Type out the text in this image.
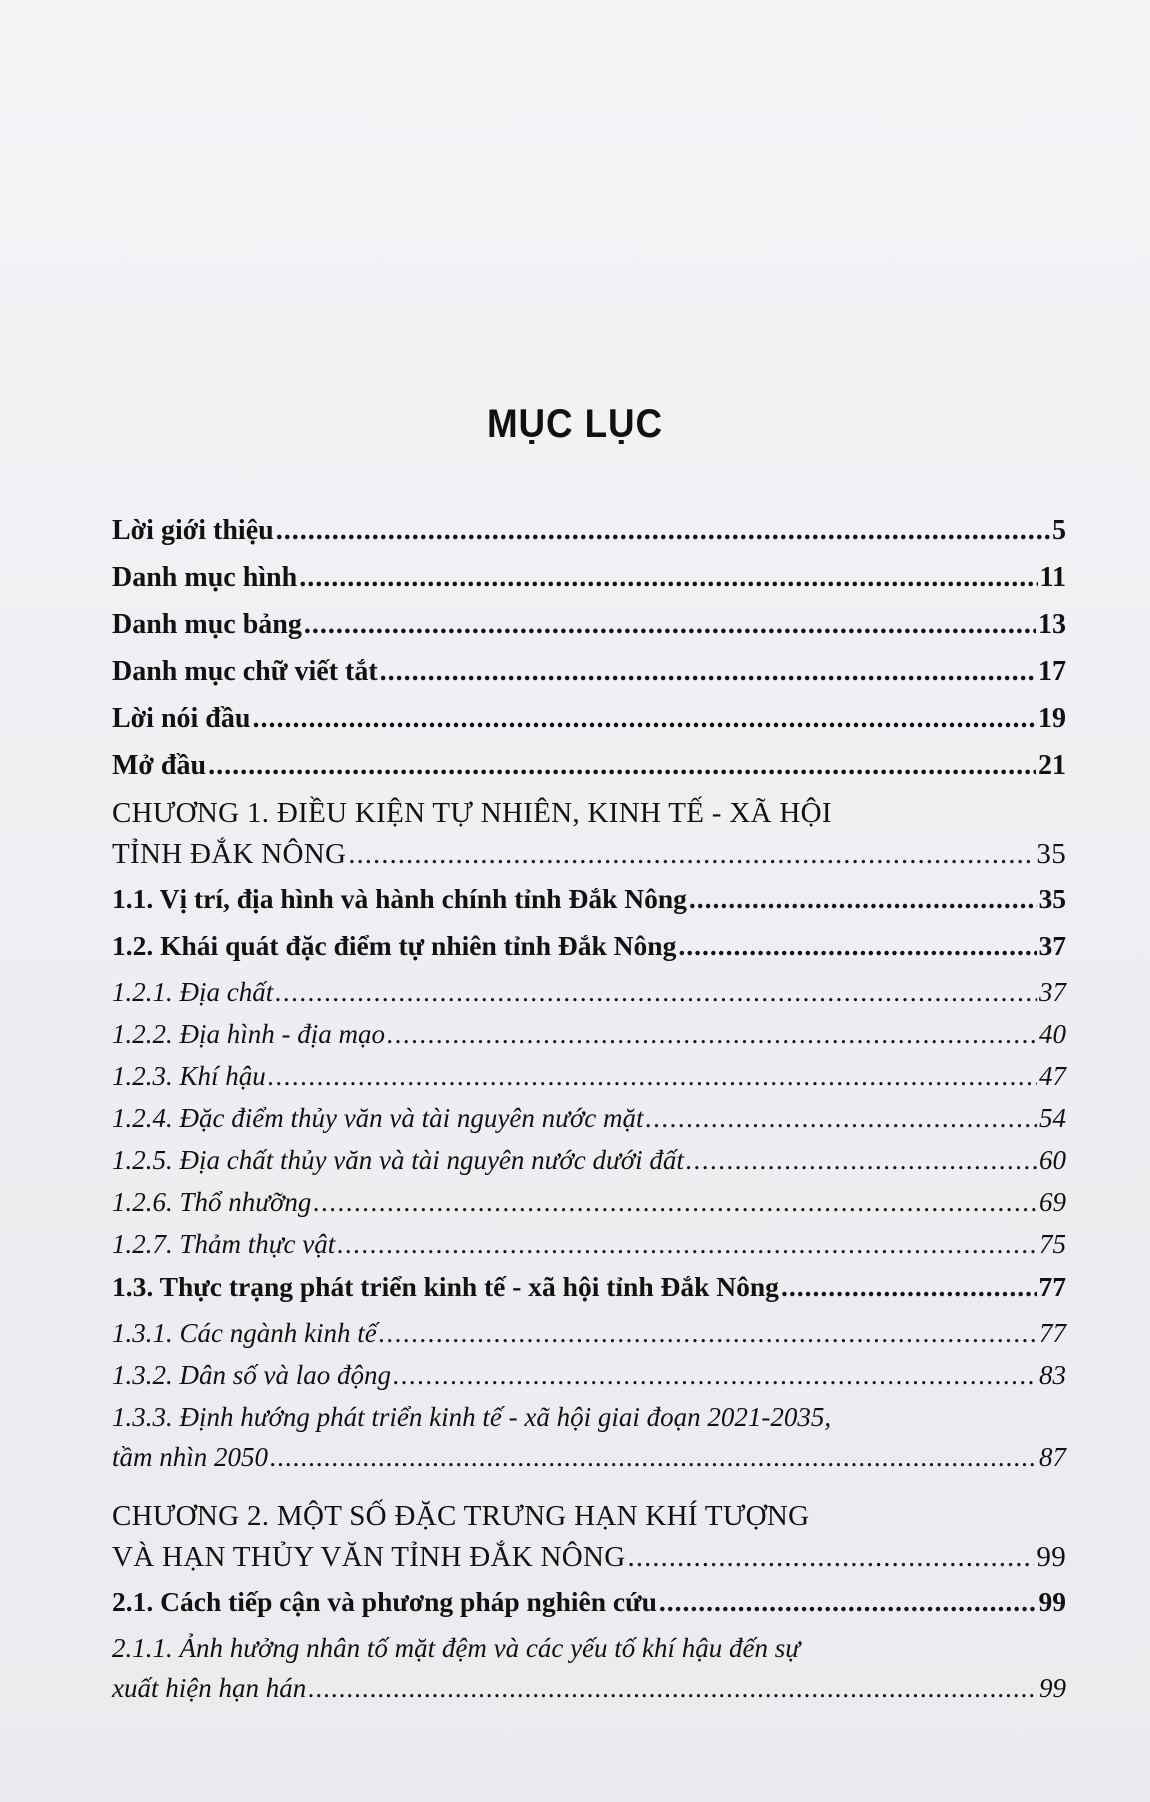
MỤC LỤC
Lời giới thiệu .....	5
Danh mục hình .....	11
Danh mục bảng .....	13
Danh mục chữ viết tắt .....	17
Lời nói đầu .....	19
Mở đầu .....	21
CHƯƠNG 1. ĐIỀU KIỆN TỰ NHIÊN, KINH TẾ - XÃ HỘI
TỈNH ĐẮK NÔNG .....	35
1.1. Vị trí, địa hình và hành chính tỉnh Đắk Nông .....	35
1.2. Khái quát đặc điểm tự nhiên tỉnh Đắk Nông .....	37
1.2.1. Địa chất .....	37
1.2.2. Địa hình - địa mạo .....	40
1.2.3. Khí hậu .....	47
1.2.4. Đặc điểm thủy văn và tài nguyên nước mặt .....	54
1.2.5. Địa chất thủy văn và tài nguyên nước dưới đất .....	60
1.2.6. Thổ nhưỡng .....	69
1.2.7. Thảm thực vật .....	75
1.3. Thực trạng phát triển kinh tế - xã hội tỉnh Đắk Nông .....	77
1.3.1. Các ngành kinh tế .....	77
1.3.2. Dân số và lao động .....	83
1.3.3. Định hướng phát triển kinh tế - xã hội giai đoạn 2021-2035,
tầm nhìn 2050 .....	87
CHƯƠNG 2. MỘT SỐ ĐẶC TRƯNG HẠN KHÍ TƯỢNG
VÀ HẠN THỦY VĂN TỈNH ĐẮK NÔNG .....	99
2.1. Cách tiếp cận và phương pháp nghiên cứu .....	99
2.1.1. Ảnh hưởng nhân tố mặt đệm và các yếu tố khí hậu đến sự
xuất hiện hạn hán .....	99
